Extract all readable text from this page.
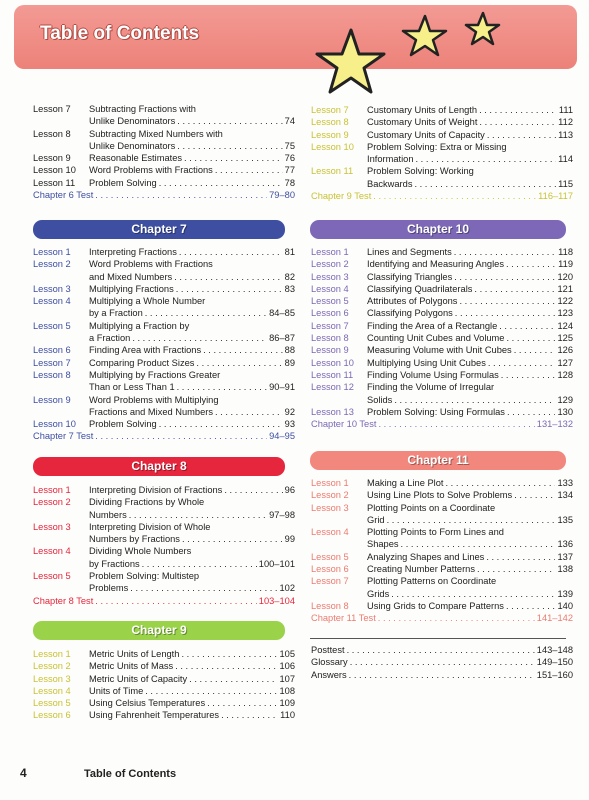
Table of Contents
Lesson 7 Subtracting Fractions with
Unlike Denominators . . .	74
Lesson 8 Subtracting Mixed Numbers with
Unlike Denominators . . .	75
Lesson 9 Reasonable Estimates . . .	76
Lesson 10 Word Problems with Fractions . . .	77
Lesson 11 Problem Solving . . .	78
Chapter 6 Test . . .	79–80
Chapter 7
Lesson 1 Interpreting Fractions . . .	81
Lesson 2 Word Problems with Fractions
and Mixed Numbers . . .	82
Lesson 3 Multiplying Fractions . . .	83
Lesson 4 Multiplying a Whole Number
by a Fraction . . .	84–85
Lesson 5 Multiplying a Fraction by
a Fraction . . .	86–87
Lesson 6 Finding Area with Fractions . . .	88
Lesson 7 Comparing Product Sizes . . .	89
Lesson 8 Multiplying by Fractions Greater
Than or Less Than 1 . . .	90–91
Lesson 9 Word Problems with Multiplying
Fractions and Mixed Numbers . . .	92
Lesson 10 Problem Solving . . .	93
Chapter 7 Test . . .	94–95
Chapter 8
Lesson 1 Interpreting Division of Fractions . . .	96
Lesson 2 Dividing Fractions by Whole
Numbers . . .	97–98
Lesson 3 Interpreting Division of Whole
Numbers by Fractions . . .	99
Lesson 4 Dividing Whole Numbers
by Fractions . . .	100–101
Lesson 5 Problem Solving: Multistep
Problems . . .	102
Chapter 8 Test . . .	103–104
Chapter 9
Lesson 1 Metric Units of Length . . .	105
Lesson 2 Metric Units of Mass . . .	106
Lesson 3 Metric Units of Capacity . . .	107
Lesson 4 Units of Time . . .	108
Lesson 5 Using Celsius Temperatures . . .	109
Lesson 6 Using Fahrenheit Temperatures . . .	110
Lesson 7 Customary Units of Length . . .	111
Lesson 8 Customary Units of Weight . . .	112
Lesson 9 Customary Units of Capacity . . .	113
Lesson 10 Problem Solving: Extra or Missing
Information . . .	114
Lesson 11 Problem Solving: Working
Backwards . . .	115
Chapter 9 Test . . .	116–117
Chapter 10
Lesson 1 Lines and Segments . . .	118
Lesson 2 Identifying and Measuring Angles . . .	119
Lesson 3 Classifying Triangles . . .	120
Lesson 4 Classifying Quadrilaterals . . .	121
Lesson 5 Attributes of Polygons . . .	122
Lesson 6 Classifying Polygons . . .	123
Lesson 7 Finding the Area of a Rectangle . . .	124
Lesson 8 Counting Unit Cubes and Volume . . .	125
Lesson 9 Measuring Volume with Unit Cubes . . .	126
Lesson 10 Multiplying Using Unit Cubes . . .	127
Lesson 11 Finding Volume Using Formulas . . .	128
Lesson 12 Finding the Volume of Irregular
Solids . . .	129
Lesson 13 Problem Solving: Using Formulas . . .	130
Chapter 10 Test . . .	131–132
Chapter 11
Lesson 1 Making a Line Plot . . .	133
Lesson 2 Using Line Plots to Solve Problems . . .	134
Lesson 3 Plotting Points on a Coordinate
Grid . . .	135
Lesson 4 Plotting Points to Form Lines and
Shapes . . .	136
Lesson 5 Analyzing Shapes and Lines . . .	137
Lesson 6 Creating Number Patterns . . .	138
Lesson 7 Plotting Patterns on Coordinate
Grids . . .	139
Lesson 8 Using Grids to Compare Patterns . . .	140
Chapter 11 Test . . .	141–142
Posttest . . .	143–148
Glossary . . .	149–150
Answers . . .	151–160
4	Table of Contents
